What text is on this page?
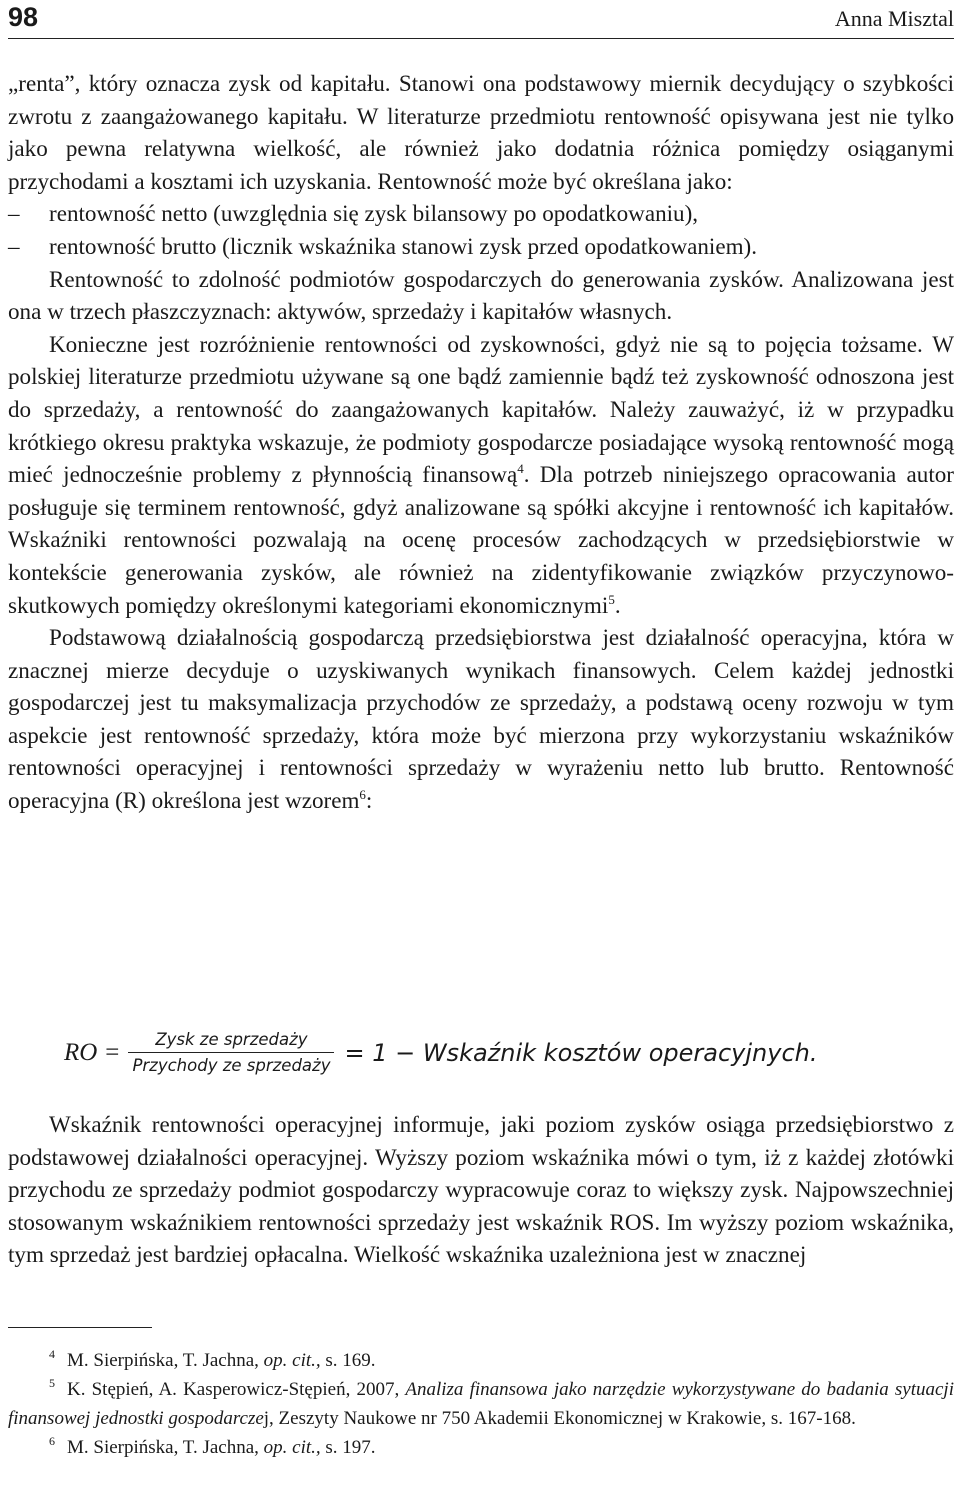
98	Anna Misztal

„renta”, który oznacza zysk od kapitału. Stanowi ona podstawowy miernik decydujący o szybkości zwrotu z zaangażowanego kapitału. W literaturze przedmiotu rentowność opisywana jest nie tylko jako pewna relatywna wielkość, ale również jako dodatnia różnica pomiędzy osiąganymi przychodami a kosztami ich uzyskania. Rentowność może być określana jako:

– rentowność netto (uwzględnia się zysk bilansowy po opodatkowaniu),

– rentowność brutto (licznik wskaźnika stanowi zysk przed opodatkowaniem).

Rentowność to zdolność podmiotów gospodarczych do generowania zysków. Analizowana jest ona w trzech płaszczyznach: aktywów, sprzedaży i kapitałów własnych.

Konieczne jest rozróżnienie rentowności od zyskowności, gdyż nie są to pojęcia tożsame. W polskiej literaturze przedmiotu używane są one bądź zamiennie bądź też zyskowność odnoszona jest do sprzedaży, a rentowność do zaangażowanych kapitałów. Należy zauważyć, iż w przypadku krótkiego okresu praktyka wskazuje, że podmioty gospodarcze posiadające wysoką rentowność mogą mieć jednocześnie problemy z płynnością finansową$^4$. Dla potrzeb niniejszego opracowania autor posługuje się terminem rentowność, gdyż analizowane są spółki akcyjne i rentowność ich kapitałów. Wskaźniki rentowności pozwalają na ocenę procesów zachodzących w przedsiębiorstwie w kontekście generowania zysków, ale również na zidentyfikowanie związków przyczynowo-skutkowych pomiędzy określonymi kategoriami ekonomicznymi$^5$.

Podstawową działalnością gospodarczą przedsiębiorstwa jest działalność operacyjna, która w znacznej mierze decyduje o uzyskiwanych wynikach finansowych. Celem każdej jednostki gospodarczej jest tu maksymalizacja przychodów ze sprzedaży, a podstawą oceny rozwoju w tym aspekcie jest rentowność sprzedaży, która może być mierzona przy wykorzystaniu wskaźników rentowności operacyjnej i rentowności sprzedaży w wyrażeniu netto lub brutto. Rentowność operacyjna (R) określona jest wzorem$^6$:

RO = $\frac{\text{Zysk ze sprzedaży}}{\text{Przychody ze sprzedaży}} = 1$ − Wskaźnik kosztów operacyjnych.

Wskaźnik rentowności operacyjnej informuje, jaki poziom zysków osiąga przedsiębiorstwo z podstawowej działalności operacyjnej. Wyższy poziom wskaźnika mówi o tym, iż z każdej złotówki przychodu ze sprzedaży podmiot gospodarczy wypracowuje coraz to większy zysk. Najpowszechniej stosowanym wskaźnikiem rentowności sprzedaży jest wskaźnik ROS. Im wyższy poziom wskaźnika, tym sprzedaż jest bardziej opłacalna. Wielkość wskaźnika uzależniona jest w znacznej

$^4$ M. Sierpińska, T. Jachna, op. cit., s. 169.

$^5$ K. Stępień, A. Kasperowicz-Stępień, 2007, Analiza finansowa jako narzędzie wykorzystywane do badania sytuacji finansowej jednostki gospodarczej, Zeszyty Naukowe nr 750 Akademii Ekonomicznej w Krakowie, s. 167-168.

$^6$ M. Sierpińska, T. Jachna, op. cit., s. 197.
